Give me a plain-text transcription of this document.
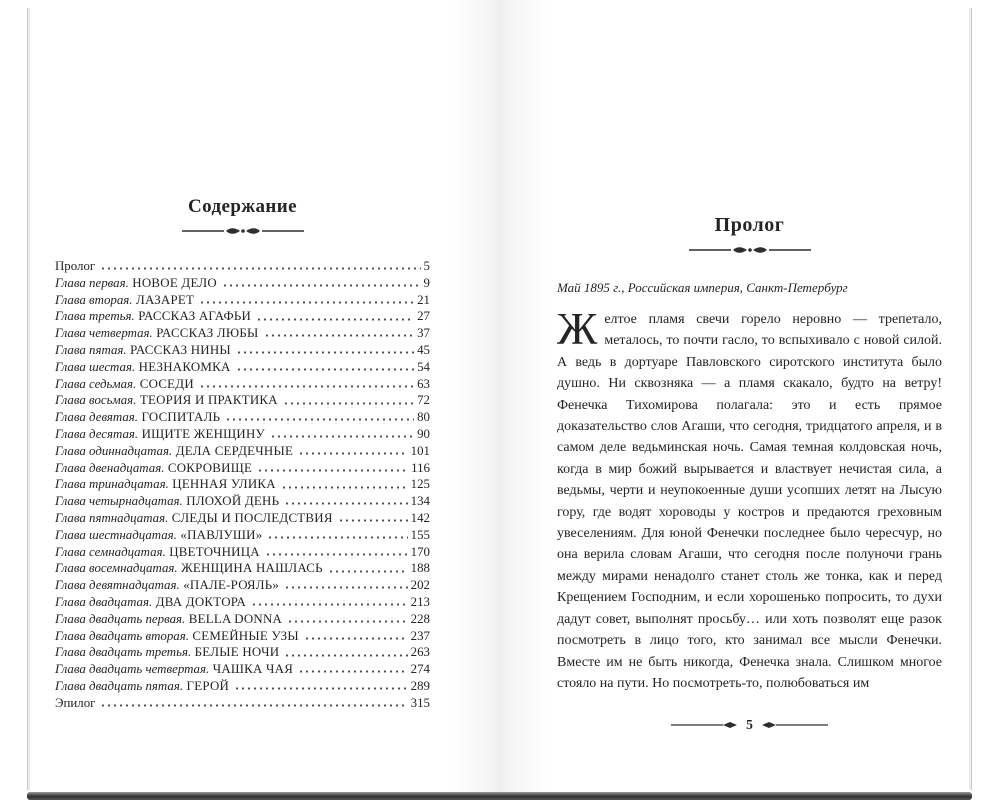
Содержание
Пролог	5
Глава первая. НОВОЕ ДЕЛО	9
Глава вторая. ЛАЗАРЕТ	21
Глава третья. РАССКАЗ АГАФЬИ	27
Глава четвертая. РАССКАЗ ЛЮБЫ	37
Глава пятая. РАССКАЗ НИНЫ	45
Глава шестая. НЕЗНАКОМКА	54
Глава седьмая. СОСЕДИ	63
Глава восьмая. ТЕОРИЯ И ПРАКТИКА	72
Глава девятая. ГОСПИТАЛЬ	80
Глава десятая. ИЩИТЕ ЖЕНЩИНУ	90
Глава одиннадцатая. ДЕЛА СЕРДЕЧНЫЕ	101
Глава двенадцатая. СОКРОВИЩЕ	116
Глава тринадцатая. ЦЕННАЯ УЛИКА	125
Глава четырнадцатая. ПЛОХОЙ ДЕНЬ	134
Глава пятнадцатая. СЛЕДЫ И ПОСЛЕДСТВИЯ	142
Глава шестнадцатая. «ПАВЛУШИ»	155
Глава семнадцатая. ЦВЕТОЧНИЦА	170
Глава восемнадцатая. ЖЕНЩИНА НАШЛАСЬ	188
Глава девятнадцатая. «ПАЛЕ-РОЯЛЬ»	202
Глава двадцатая. ДВА ДОКТОРА	213
Глава двадцать первая. BELLA DONNA	228
Глава двадцать вторая. СЕМЕЙНЫЕ УЗЫ	237
Глава двадцать третья. БЕЛЫЕ НОЧИ	263
Глава двадцать четвертая. ЧАШКА ЧАЯ	274
Глава двадцать пятая. ГЕРОЙ	289
Эпилог	315
Пролог
Май 1895 г., Российская империя, Санкт-Петербург
Желтое пламя свечи горело неровно — трепетало, металось, то почти гасло, то вспыхивало с новой силой. А ведь в дортуаре Павловского сиротского института было душно. Ни сквозняка — а пламя скакало, будто на ветру! Фенечка Тихомирова полагала: это и есть прямое доказательство слов Агаши, что сегодня, тридцатого апреля, и в самом деле ведьминская ночь. Самая темная колдовская ночь, когда в мир божий вырывается и властвует нечистая сила, а ведьмы, черти и неупокоенные души усопших летят на Лысую гору, где водят хороводы у костров и предаются греховным увеселениям. Для юной Фенечки последнее было чересчур, но она верила словам Агаши, что сегодня после полуночи грань между мирами ненадолго станет столь же тонка, как и перед Крещением Господним, и если хорошенько попросить, то духи дадут совет, выполнят просьбу… или хоть позволят еще разок посмотреть в лицо того, кто занимал все мысли Фенечки. Вместе им не быть никогда, Фенечка знала. Слишком многое стояло на пути. Но посмотреть-то, полюбоваться им
5
